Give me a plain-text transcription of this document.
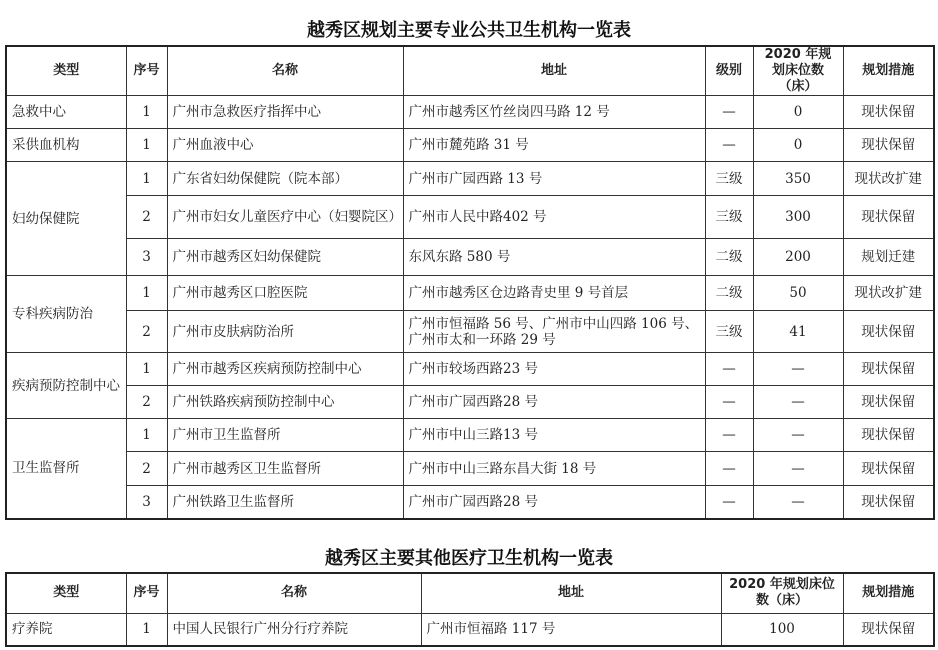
越秀区规划主要专业公共卫生机构一览表
类型	序号	名称	地址	级别	2020 年规划床位数（床）	规划措施
急救中心	1	广州市急救医疗指挥中心	广州市越秀区竹丝岗四马路 12 号	—	0	现状保留
采供血机构	1	广州血液中心	广州市麓苑路 31 号	—	0	现状保留
妇幼保健院	1	广东省妇幼保健院（院本部）	广州市广园西路 13 号	三级	350	现状改扩建
	2	广州市妇女儿童医疗中心（妇婴院区）	广州市人民中路402 号	三级	300	现状保留
	3	广州市越秀区妇幼保健院	东风东路 580 号	二级	200	规划迁建
专科疾病防治	1	广州市越秀区口腔医院	广州市越秀区仓边路青史里 9 号首层	二级	50	现状改扩建
	2	广州市皮肤病防治所	广州市恒福路 56 号、广州市中山四路 106 号、广州市太和一环路 29 号	三级	41	现状保留
疾病预防控制中心	1	广州市越秀区疾病预防控制中心	广州市较场西路23 号	—	—	现状保留
	2	广州铁路疾病预防控制中心	广州市广园西路28 号	—	—	现状保留
卫生监督所	1	广州市卫生监督所	广州市中山三路13 号	—	—	现状保留
	2	广州市越秀区卫生监督所	广州市中山三路东昌大街 18 号	—	—	现状保留
	3	广州铁路卫生监督所	广州市广园西路28 号	—	—	现状保留
越秀区主要其他医疗卫生机构一览表
类型	序号	名称	地址	2020 年规划床位数（床）	规划措施
疗养院	1	中国人民银行广州分行疗养院	广州市恒福路 117 号	100	现状保留
